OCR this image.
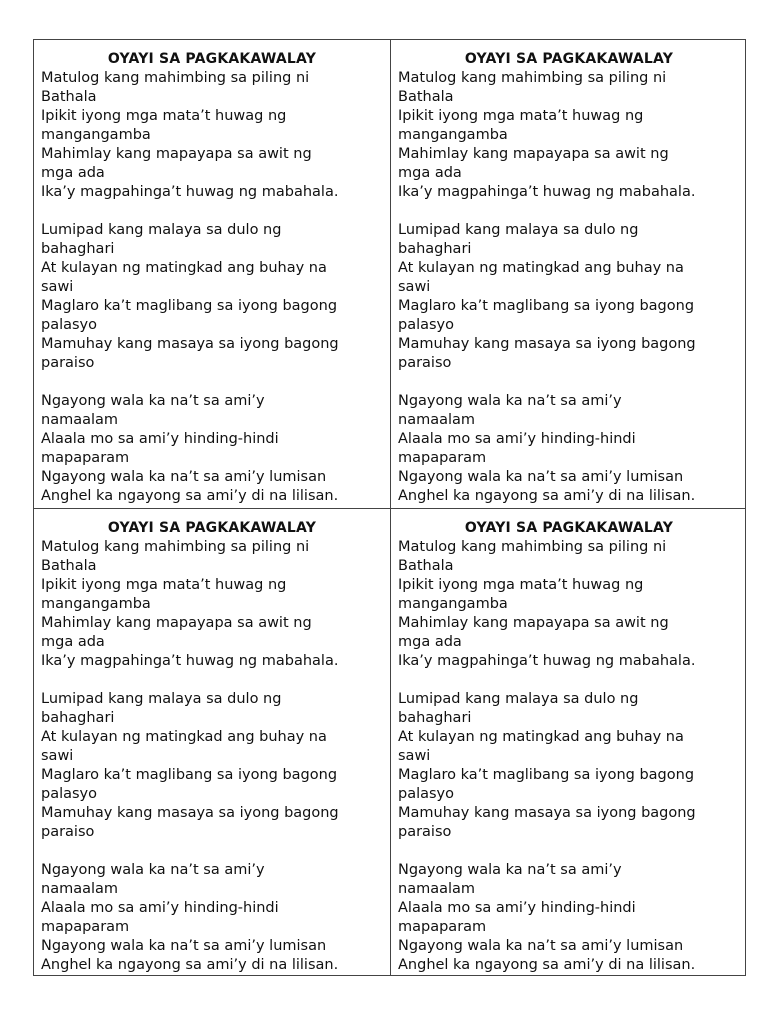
OYAYI SA PAGKAKAWALAY
Matulog kang mahimbing sa piling ni
Bathala
Ipikit iyong mga mata’t huwag ng
mangangamba
Mahimlay kang mapayapa sa awit ng
mga ada
Ika’y magpahinga’t huwag ng mabahala.
Lumipad kang malaya sa dulo ng
bahaghari
At kulayan ng matingkad ang buhay na
sawi
Maglaro ka’t maglibang sa iyong bagong
palasyo
Mamuhay kang masaya sa iyong bagong
paraiso
Ngayong wala ka na’t sa ami’y
namaalam
Alaala mo sa ami’y hinding-hindi
mapaparam
Ngayong wala ka na’t sa ami’y lumisan
Anghel ka ngayong sa ami’y di na lilisan.
OYAYI SA PAGKAKAWALAY
Matulog kang mahimbing sa piling ni
Bathala
Ipikit iyong mga mata’t huwag ng
mangangamba
Mahimlay kang mapayapa sa awit ng
mga ada
Ika’y magpahinga’t huwag ng mabahala.
Lumipad kang malaya sa dulo ng
bahaghari
At kulayan ng matingkad ang buhay na
sawi
Maglaro ka’t maglibang sa iyong bagong
palasyo
Mamuhay kang masaya sa iyong bagong
paraiso
Ngayong wala ka na’t sa ami’y
namaalam
Alaala mo sa ami’y hinding-hindi
mapaparam
Ngayong wala ka na’t sa ami’y lumisan
Anghel ka ngayong sa ami’y di na lilisan.
OYAYI SA PAGKAKAWALAY
Matulog kang mahimbing sa piling ni
Bathala
Ipikit iyong mga mata’t huwag ng
mangangamba
Mahimlay kang mapayapa sa awit ng
mga ada
Ika’y magpahinga’t huwag ng mabahala.
Lumipad kang malaya sa dulo ng
bahaghari
At kulayan ng matingkad ang buhay na
sawi
Maglaro ka’t maglibang sa iyong bagong
palasyo
Mamuhay kang masaya sa iyong bagong
paraiso
Ngayong wala ka na’t sa ami’y
namaalam
Alaala mo sa ami’y hinding-hindi
mapaparam
Ngayong wala ka na’t sa ami’y lumisan
Anghel ka ngayong sa ami’y di na lilisan.
OYAYI SA PAGKAKAWALAY
Matulog kang mahimbing sa piling ni
Bathala
Ipikit iyong mga mata’t huwag ng
mangangamba
Mahimlay kang mapayapa sa awit ng
mga ada
Ika’y magpahinga’t huwag ng mabahala.
Lumipad kang malaya sa dulo ng
bahaghari
At kulayan ng matingkad ang buhay na
sawi
Maglaro ka’t maglibang sa iyong bagong
palasyo
Mamuhay kang masaya sa iyong bagong
paraiso
Ngayong wala ka na’t sa ami’y
namaalam
Alaala mo sa ami’y hinding-hindi
mapaparam
Ngayong wala ka na’t sa ami’y lumisan
Anghel ka ngayong sa ami’y di na lilisan.
